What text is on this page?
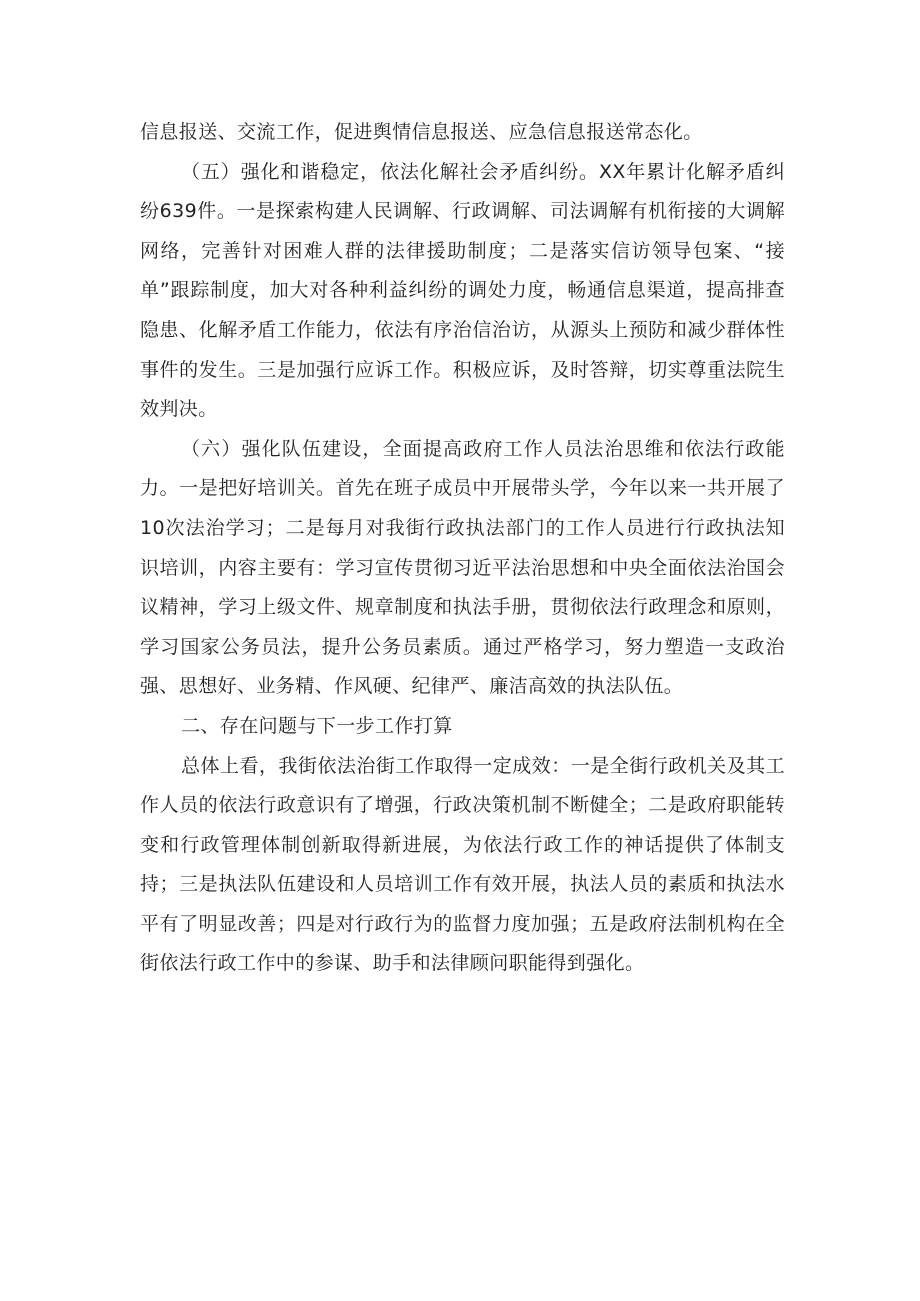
信息报送、交流工作，促进舆情信息报送、应急信息报送常态化。

（五）强化和谐稳定，依法化解社会矛盾纠纷。XX年累计化解矛盾纠纷639件。一是探索构建人民调解、行政调解、司法调解有机衔接的大调解网络，完善针对困难人群的法律援助制度；二是落实信访领导包案、“接单”跟踪制度，加大对各种利益纠纷的调处力度，畅通信息渠道，提高排查隐患、化解矛盾工作能力，依法有序治信治访，从源头上预防和减少群体性事件的发生。三是加强行应诉工作。积极应诉，及时答辩，切实尊重法院生效判决。

（六）强化队伍建设，全面提高政府工作人员法治思维和依法行政能力。一是把好培训关。首先在班子成员中开展带头学，今年以来一共开展了10次法治学习；二是每月对我街行政执法部门的工作人员进行行政执法知识培训，内容主要有：学习宣传贯彻习近平法治思想和中央全面依法治国会议精神，学习上级文件、规章制度和执法手册，贯彻依法行政理念和原则，学习国家公务员法，提升公务员素质。通过严格学习，努力塑造一支政治强、思想好、业务精、作风硬、纪律严、廉洁高效的执法队伍。

二、存在问题与下一步工作打算

总体上看，我街依法治街工作取得一定成效：一是全街行政机关及其工作人员的依法行政意识有了增强，行政决策机制不断健全；二是政府职能转变和行政管理体制创新取得新进展，为依法行政工作的神话提供了体制支持；三是执法队伍建设和人员培训工作有效开展，执法人员的素质和执法水平有了明显改善；四是对行政行为的监督力度加强；五是政府法制机构在全街依法行政工作中的参谋、助手和法律顾问职能得到强化。
